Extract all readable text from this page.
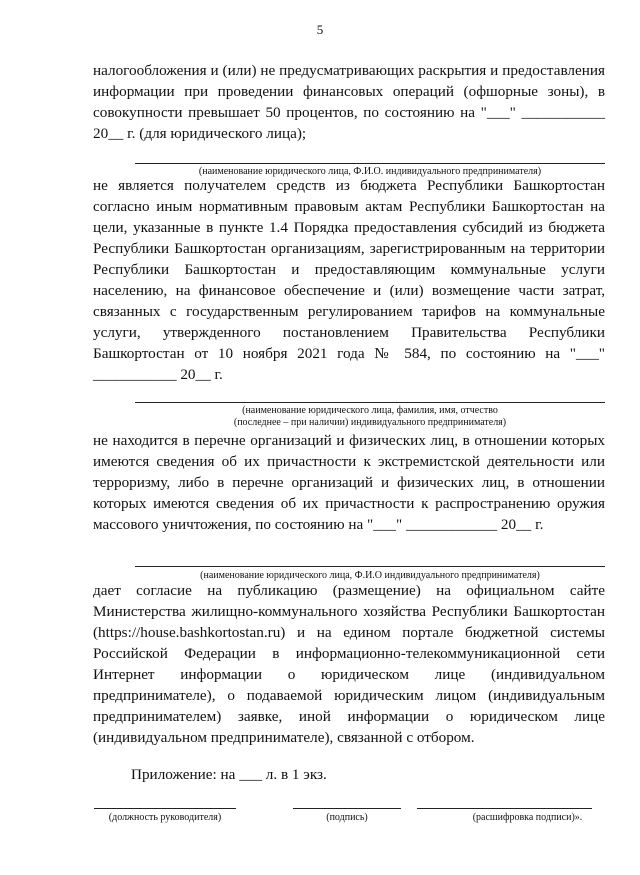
5
налогообложения и (или) не предусматривающих раскрытия и предоставления информации при проведении финансовых операций (офшорные зоны), в совокупности превышает 50 процентов, по состоянию на "___" ___________ 20__ г. (для юридического лица);
(наименование юридического лица, Ф.И.О. индивидуального предпринимателя)
не является получателем средств из бюджета Республики Башкортостан согласно иным нормативным правовым актам Республики Башкортостан на цели, указанные в пункте 1.4 Порядка предоставления субсидий из бюджета Республики Башкортостан организациям, зарегистрированным на территории Республики Башкортостан и предоставляющим коммунальные услуги населению, на финансовое обеспечение и (или) возмещение части затрат, связанных с государственным регулированием тарифов на коммунальные услуги, утвержденного постановлением Правительства Республики Башкортостан от 10 ноября 2021 года № 584, по состоянию на "___" ___________ 20__ г.
(наименование юридического лица, фамилия, имя, отчество
(последнее – при наличии) индивидуального предпринимателя)
не находится в перечне организаций и физических лиц, в отношении которых имеются сведения об их причастности к экстремистской деятельности или терроризму, либо в перечне организаций и физических лиц, в отношении которых имеются сведения об их причастности к распространению оружия массового уничтожения, по состоянию на "___" ____________ 20__ г.
(наименование юридического лица, Ф.И.О индивидуального предпринимателя)
дает согласие на публикацию (размещение) на официальном сайте Министерства жилищно-коммунального хозяйства Республики Башкортостан (https://house.bashkortostan.ru) и на едином портале бюджетной системы Российской Федерации в информационно-телекоммуникационной сети Интернет информации о юридическом лице (индивидуальном предпринимателе), о подаваемой юридическим лицом (индивидуальным предпринимателем) заявке, иной информации о юридическом лице (индивидуальном предпринимателе), связанной с отбором.
Приложение: на ___ л. в 1 экз.
(должность руководителя)	(подпись)	(расшифровка подписи)».
